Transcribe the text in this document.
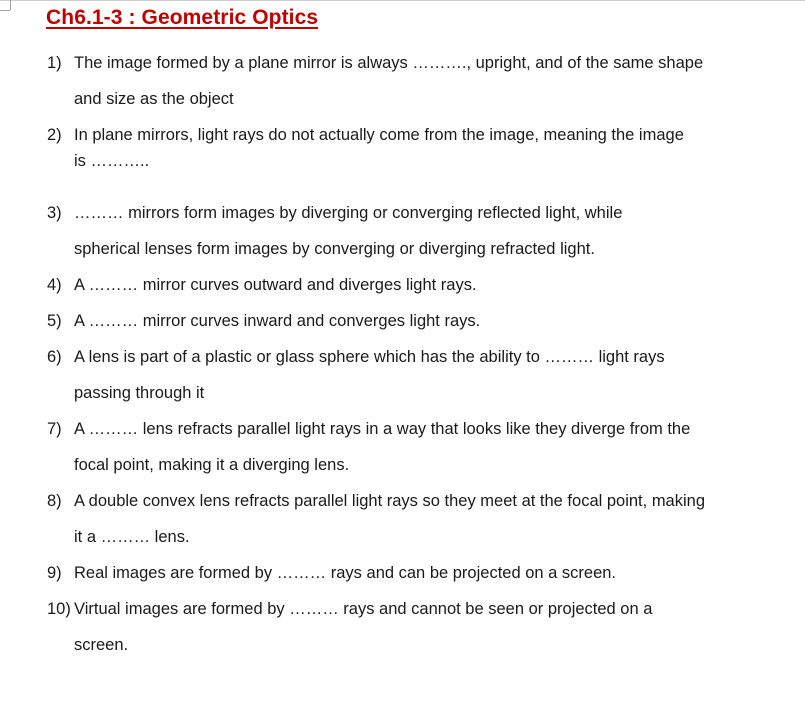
Ch6.1-3 : Geometric Optics
1) The image formed by a plane mirror is always ………., upright, and of the same shape
and size as the object
2) In plane mirrors, light rays do not actually come from the image, meaning the image
is ………..
3) ……… mirrors form images by diverging or converging reflected light, while
spherical lenses form images by converging or diverging refracted light.
4) A ……… mirror curves outward and diverges light rays.
5) A ……… mirror curves inward and converges light rays.
6) A lens is part of a plastic or glass sphere which has the ability to ……… light rays
passing through it
7) A ……… lens refracts parallel light rays in a way that looks like they diverge from the
focal point, making it a diverging lens.
8) A double convex lens refracts parallel light rays so they meet at the focal point, making
it a ……… lens.
9) Real images are formed by ……… rays and can be projected on a screen.
10) Virtual images are formed by ……… rays and cannot be seen or projected on a
screen.
